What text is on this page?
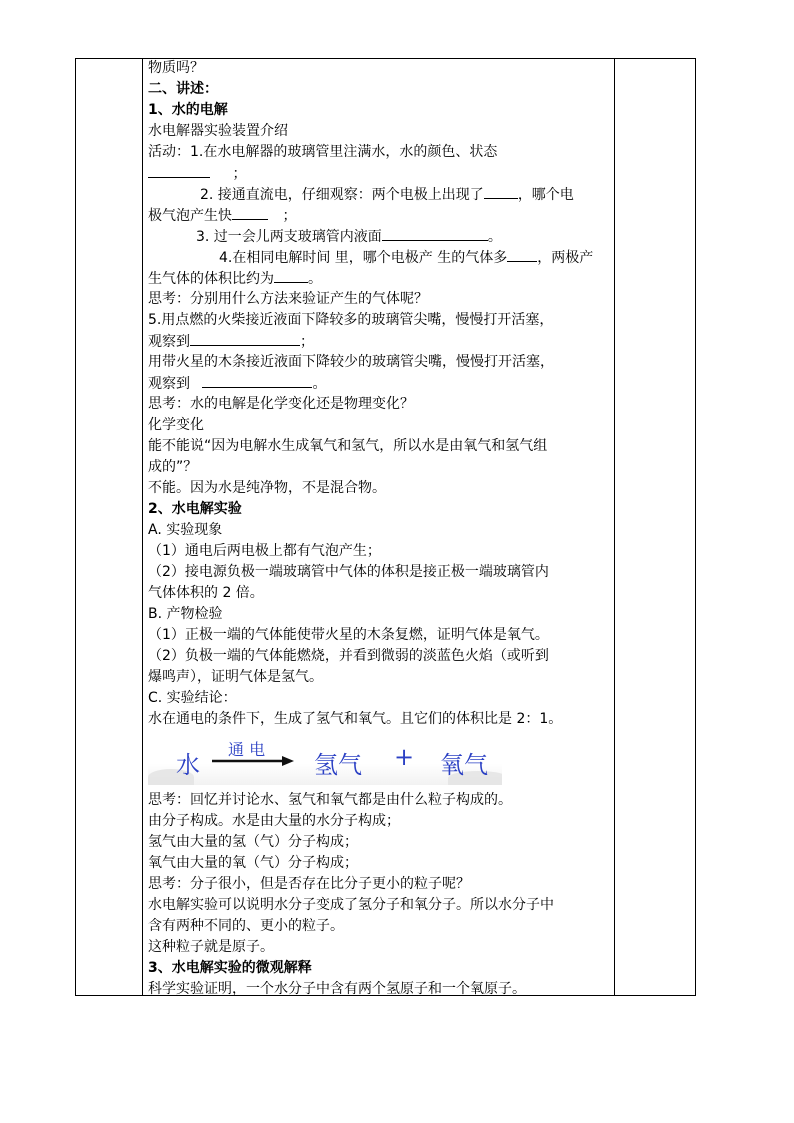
物质吗？
二、讲述：
1、水的电解
水电解器实验装置介绍
活动：1.在水电解器的玻璃管里注满水，水的颜色、状态
；
2. 接通直流电，仔细观察：两个电极上出现了 ，哪个电
极气泡产生快	；
3. 过一会儿两支玻璃管内液面	。
4.在相同电解时间 里，哪个电极产 生的气体多 ，两极产
生气体的体积比约为 。
思考：分别用什么方法来验证产生的气体呢？
5.用点燃的火柴接近液面下降较多的玻璃管尖嘴，慢慢打开活塞，
观察到	；
用带火星的木条接近液面下降较少的玻璃管尖嘴，慢慢打开活塞，
观察到	。
思考：水的电解是化学变化还是物理变化？
化学变化
能不能说“因为电解水生成氧气和氢气，所以水是由氧气和氢气组
成的”？
不能。因为水是纯净物，不是混合物。
2、水电解实验
A. 实验现象
（1）通电后两电极上都有气泡产生；
（2）接电源负极一端玻璃管中气体的体积是接正极一端玻璃管内
气体体积的 2 倍。
B. 产物检验
（1）正极一端的气体能使带火星的木条复燃，证明气体是氧气。
（2）负极一端的气体能燃烧，并看到微弱的淡蓝色火焰（或听到
爆鸣声），证明气体是氢气。
C. 实验结论：
水在通电的条件下，生成了氢气和氧气。且它们的体积比是 2：1。
思考：回忆并讨论水、氢气和氧气都是由什么粒子构成的。
由分子构成。水是由大量的水分子构成；
氢气由大量的氢（气）分子构成；
氧气由大量的氧（气）分子构成；
思考：分子很小，但是否存在比分子更小的粒子呢？
水电解实验可以说明水分子变成了氢分子和氧分子。所以水分子中
含有两种不同的、更小的粒子。
这种粒子就是原子。
3、水电解实验的微观解释
科学实验证明，一个水分子中含有两个氢原子和一个氧原子。
水
通 电
氢气 + 氧气
